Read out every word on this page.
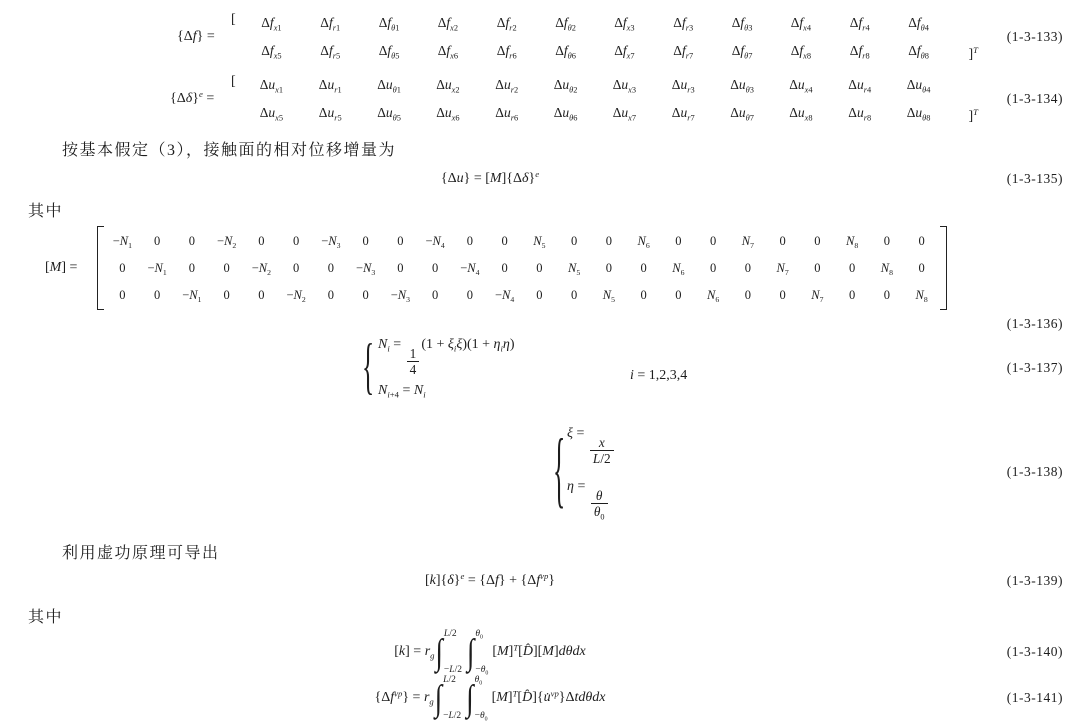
{Δf} =
[	$\Delta f_{x1}$	$\Delta f_{r1}$	$\Delta f_{\theta 1}$	$\Delta f_{x2}$	$\Delta f_{r2}$	$\Delta f_{\theta 2}$	$\Delta f_{x3}$	$\Delta f_{r3}$	$\Delta f_{\theta 3}$	$\Delta f_{x4}$	$\Delta f_{r4}$	$\Delta f_{\theta 4}$
$\Delta f_{x5}$	$\Delta f_{r5}$	$\Delta f_{\theta 5}$	$\Delta f_{x6}$	$\Delta f_{r6}$	$\Delta f_{\theta 6}$	$\Delta f_{x7}$	$\Delta f_{r7}$	$\Delta f_{\theta 7}$	$\Delta f_{x8}$	$\Delta f_{r8}$	$\Delta f_{\theta 8}$	]$^T$
(1-3-133)
$\{\Delta\delta\}^e$ =
[	$\Delta u_{x1}$	$\Delta u_{r1}$	$\Delta u_{\theta 1}$	$\Delta u_{x2}$	$\Delta u_{r2}$	$\Delta u_{\theta 2}$	$\Delta u_{x3}$	$\Delta u_{r3}$	$\Delta u_{\theta 3}$	$\Delta u_{x4}$	$\Delta u_{r4}$	$\Delta u_{\theta 4}$
$\Delta u_{x5}$	$\Delta u_{r5}$	$\Delta u_{\theta 5}$	$\Delta u_{x6}$	$\Delta u_{r6}$	$\Delta u_{\theta 6}$	$\Delta u_{x7}$	$\Delta u_{r7}$	$\Delta u_{\theta 7}$	$\Delta u_{x8}$	$\Delta u_{r8}$	$\Delta u_{\theta 8}$	]$^T$
(1-3-134)
按基本假定（3），接触面的相对位移增量为
$\{\Delta u\} = [M]\{\Delta\delta\}^e$	(1-3-135)
其中
[M] =
$-N_1$	0	0	$-N_2$	0	0	$-N_3$	0	0	$-N_4$	0	0	$N_5$	0	0	$N_6$	0	0	$N_7$	0	0	$N_8$	0	0
0	$-N_1$	0	0	$-N_2$	0	0	$-N_3$	0	0	$-N_4$	0	0	$N_5$	0	0	$N_6$	0	0	$N_7$	0	0	$N_8$	0
0	0	$-N_1$	0	0	$-N_2$	0	0	$-N_3$	0	0	$-N_4$	0	0	$N_5$	0	0	$N_6$	0	0	$N_7$	0	0	$N_8$
(1-3-136)
{ $N_i$ =
$\frac{1}{4}$
$(1 + \xi_i\xi)(1 + \eta_i\eta)$
$N_{i+4} = N_i$
i = 1,2,3,4
(1-3-137)
{ ξ =
$\frac{x}{L/2}$
η =
$\frac{\theta}{\theta_0}$
(1-3-138)
利用虚功原理可导出
$[k]\{\delta\}^e = \{\Delta f\} + \{\Delta f^{vp}\}$	(1-3-139)
其中
$[k] = r_g$ ∫ L/2
−L/2 ∫ $\theta_0$
$-\theta_0$
$[M]^T[D̂][M]d\theta dx$	(1-3-140)
$\{\Delta f^{vp}\} = r_g$ ∫ L/2
−L/2 ∫ $\theta_0$
$-\theta_0$
$[M]^T[D̂]\{u̇^{vp}\}\Delta td\theta dx$	(1-3-141)
